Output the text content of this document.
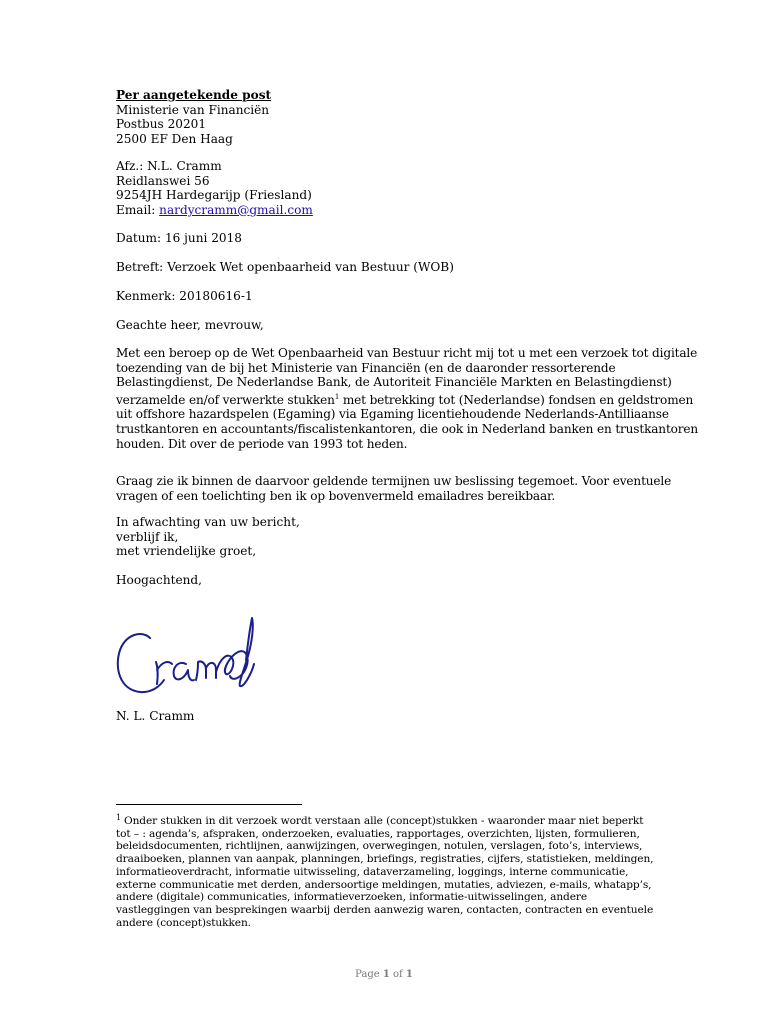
Per aangetekende post
Ministerie van Financiën
Postbus 20201
2500 EF Den Haag
Afz.: N.L. Cramm
Reidlanswei 56
9254JH Hardegarijp (Friesland)
Email: nardycramm@gmail.com
Datum: 16 juni 2018
Betreft: Verzoek Wet openbaarheid van Bestuur (WOB)
Kenmerk: 20180616-1
Geachte heer, mevrouw,
Met een beroep op de Wet Openbaarheid van Bestuur richt mij tot u met een verzoek tot digitale
toezending van de bij het Ministerie van Financiën (en de daaronder ressorterende
Belastingdienst, De Nederlandse Bank, de Autoriteit Financiële Markten en Belastingdienst)
verzamelde en/of verwerkte stukken$^1$ met betrekking tot (Nederlandse) fondsen en geldstromen
uit offshore hazardspelen (Egaming) via Egaming licentiehoudende Nederlands-Antilliaanse
trustkantoren en accountants/fiscalistenkantoren, die ook in Nederland banken en trustkantoren
houden. Dit over de periode van 1993 tot heden.
Graag zie ik binnen de daarvoor geldende termijnen uw beslissing tegemoet. Voor eventuele
vragen of een toelichting ben ik op bovenvermeld emailadres bereikbaar.
In afwachting van uw bericht,
verblijf ik,
met vriendelijke groet,
Hoogachtend,
N. L. Cramm
$^1$ Onder stukken in dit verzoek wordt verstaan alle (concept)stukken - waaronder maar niet beperkt
tot – : agenda’s, afspraken, onderzoeken, evaluaties, rapportages, overzichten, lijsten, formulieren,
beleidsdocumenten, richtlijnen, aanwijzingen, overwegingen, notulen, verslagen, foto’s, interviews,
draaiboeken, plannen van aanpak, planningen, briefings, registraties, cijfers, statistieken, meldingen,
informatieoverdracht, informatie uitwisseling, dataverzameling, loggings, interne communicatie,
externe communicatie met derden, andersoortige meldingen, mutaties, adviezen, e-mails, whatapp’s,
andere (digitale) communicaties, informatieverzoeken, informatie-uitwisselingen, andere
vastleggingen van besprekingen waarbij derden aanwezig waren, contacten, contracten en eventuele
andere (concept)stukken.
Page 1 of 1
